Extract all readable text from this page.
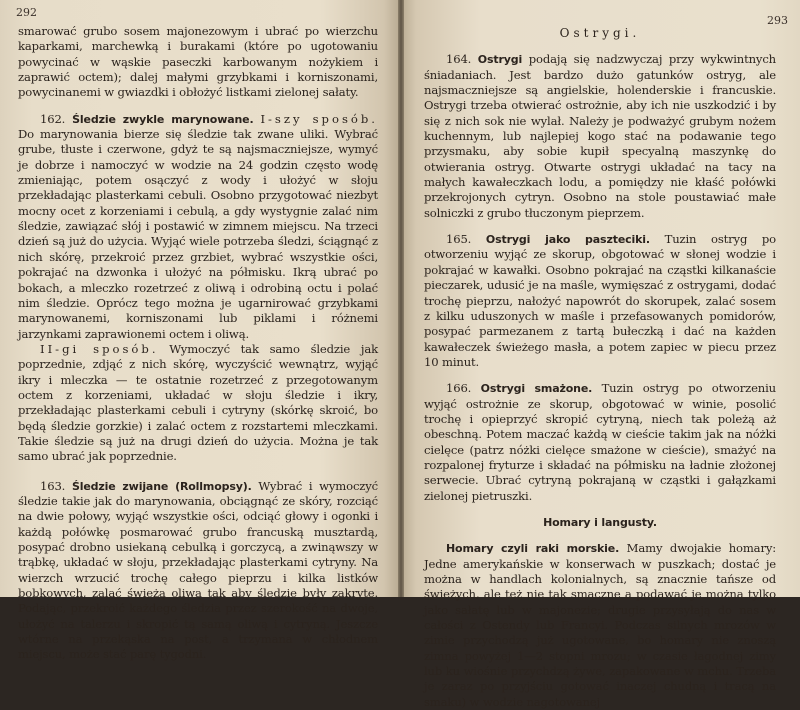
292

smarować grubo sosem majonezowym i ubrać po wierzchu kaparkami, marchewką i burakami (które po ugotowaniu powycinać w wąskie paseczki karbowanym nożykiem i zaprawić octem); dalej małymi grzybkami i korniszonami, powycinanemi w gwiazdki i obłożyć listkami zielonej sałaty.

162. Śledzie zwykle marynowane. I-szy sposób. Do marynowania bierze się śledzie tak zwane uliki. Wybrać grube, tłuste i czerwone, gdyż te są najsmaczniejsze, wymyć je dobrze i namoczyć w wodzie na 24 godzin często wodę zmieniając, potem osączyć z wody i ułożyć w słoju przekładając plasterkami cebuli. Osobno przygotować niezbyt mocny ocet z korzeniami i cebulą, a gdy wystygnie zalać nim śledzie, zawiązać słój i postawić w zimnem miejscu. Na trzeci dzień są już do użycia. Wyjąć wiele potrzeba śledzi, ściągnąć z nich skórę, przekroić przez grzbiet, wybrać wszystkie ości, pokrajać na dzwonka i ułożyć na półmisku. Ikrą ubrać po bokach, a mleczko rozetrzeć z oliwą i odrobiną octu i polać nim śledzie. Oprócz tego można je ugarnirować grzybkami marynowanemi, korniszonami lub piklami i różnemi jarzynkami zaprawionemi octem i oliwą.

II-gi sposób. Wymoczyć tak samo śledzie jak poprzednie, zdjąć z nich skórę, wyczyścić wewnątrz, wyjąć ikry i mleczka — te ostatnie rozetrzeć z przegotowanym octem z korzeniami, układać w słoju śledzie i ikry, przekładając plasterkami cebuli i cytryny (skórkę skroić, bo będą śledzie gorzkie) i zalać octem z rozstartemi mleczkami. Takie śledzie są już na drugi dzień do użycia. Można je tak samo ubrać jak poprzednie.

163. Śledzie zwijane (Rollmopsy). Wybrać i wymoczyć śledzie takie jak do marynowania, obciągnąć ze skóry, rozciąć na dwie połowy, wyjąć wszystkie ości, odciąć głowy i ogonki i każdą połówkę posmarować grubo francuską musztardą, posypać drobno usiekaną cebulką i gorczycą, a zwinąwszy w trąbkę, układać w słoju, przekładając plasterkami cytryny. Na wierzch wrzucić trochę całego pieprzu i kilka listków bobkowych, zalać świeżą oliwą tak aby śledzie były zakryte. Podając, przekroić każdego śledzia przez szerokość na dwoje, ułożyć na talerzu i skropić tą samą oliwą i cytryną. Jeszcze wtórne na przekąska na post, a trzymana w chłodnem miejscu, może stać parę tygodni.

293

Ostrygi.

164. Ostrygi podają się nadzwyczaj przy wykwintnych śniadaniach. Jest bardzo dużo gatunków ostryg, ale najsmaczniejsze są angielskie, holenderskie i francuskie. Ostrygi trzeba otwierać ostrożnie, aby ich nie uszkodzić i by się z nich sok nie wylał. Należy je podważyć grubym nożem kuchennym, lub najlepiej kogo stać na podawanie tego przysmaku, aby sobie kupił specyalną maszynkę do otwierania ostryg. Otwarte ostrygi układać na tacy na małych kawałeczkach lodu, a pomiędzy nie kłaść połówki przekrojonych cytryn. Osobno na stole poustawiać małe solniczki z grubo tłuczonym pieprzem.

165. Ostrygi jako paszteciki. Tuzin ostryg po otworzeniu wyjąć ze skorup, obgotować w słonej wodzie i pokrajać w kawałki. Osobno pokrajać na cząstki kilkanaście pieczarek, udusić je na maśle, wymięszać z ostrygami, dodać trochę pieprzu, nałożyć napowrót do skorupek, zalać sosem z kilku uduszonych w maśle i przefasowanych pomidorów, posypać parmezanem z tartą bułeczką i dać na każden kawałeczek świeżego masła, a potem zapiec w piecu przez 10 minut.

166. Ostrygi smażone. Tuzin ostryg po otworzeniu wyjąć ostrożnie ze skorup, obgotować w winie, posolić trochę i opieprzyć skropić cytryną, niech tak poleżą aż obeschną. Potem maczać każdą w cieście takim jak na nóżki cielęce (patrz nóżki cielęce smażone w cieście), smażyć na rozpalonej fryturze i składać na półmisku na ładnie złożonej serwecie. Ubrać cytryną pokrajaną w cząstki i gałązkami zielonej pietruszki.

Homary i langusty.

Homary czyli raki morskie. Mamy dwojakie homary: Jedne amerykańskie w konserwach w puszkach; dostać je można w handlach kolonialnych, są znacznie tańsze od świeżych, ale też nie tak smaczne a podawać je można tylko jako sałatę lub w majonezie; drugie przysyłają do nas w całości z Ostendy lub Francyi. Podczas silnych mrozów w zimie przychodzą już ugotowane, bo homary nie znoszą zimna powyżej 1—2 stopni mrozu; w czasie łagodnej zimy lub ku wiośnie przychdzą żywe, zapakowane w mchu. Trzeba je zaraz po przyjściu gotować inaczej chudną i tracą na smaku) w wodzie nagotowanej
